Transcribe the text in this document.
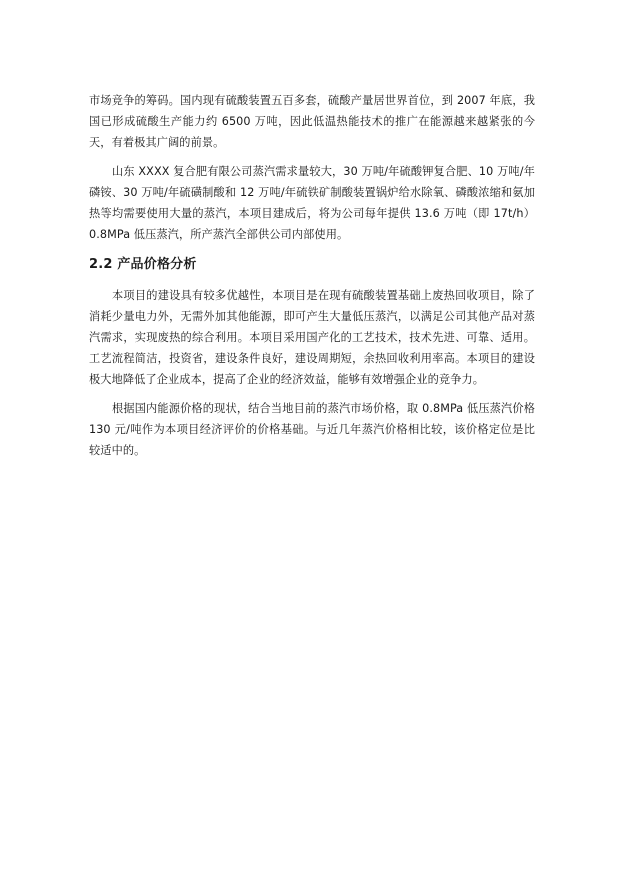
市场竞争的筹码。国内现有硫酸装置五百多套，硫酸产量居世界首位，到 2007 年底，我国已形成硫酸生产能力约 6500 万吨，因此低温热能技术的推广在能源越来越紧张的今天，有着极其广阔的前景。

山东 XXXX 复合肥有限公司蒸汽需求量较大，30 万吨/年硫酸钾复合肥、10 万吨/年磷铵、30 万吨/年硫磺制酸和 12 万吨/年硫铁矿制酸装置锅炉给水除氧、磷酸浓缩和氨加热等均需要使用大量的蒸汽，本项目建成后，将为公司每年提供 13.6 万吨（即 17t/h）0.8MPa 低压蒸汽，所产蒸汽全部供公司内部使用。

2.2 产品价格分析

本项目的建设具有较多优越性，本项目是在现有硫酸装置基础上废热回收项目，除了消耗少量电力外，无需外加其他能源，即可产生大量低压蒸汽，以满足公司其他产品对蒸汽需求，实现废热的综合利用。本项目采用国产化的工艺技术，技术先进、可靠、适用。工艺流程简洁，投资省，建设条件良好，建设周期短，余热回收利用率高。本项目的建设极大地降低了企业成本，提高了企业的经济效益，能够有效增强企业的竞争力。

根据国内能源价格的现状，结合当地目前的蒸汽市场价格，取 0.8MPa 低压蒸汽价格 130 元/吨作为本项目经济评价的价格基础。与近几年蒸汽价格相比较，该价格定位是比较适中的。
